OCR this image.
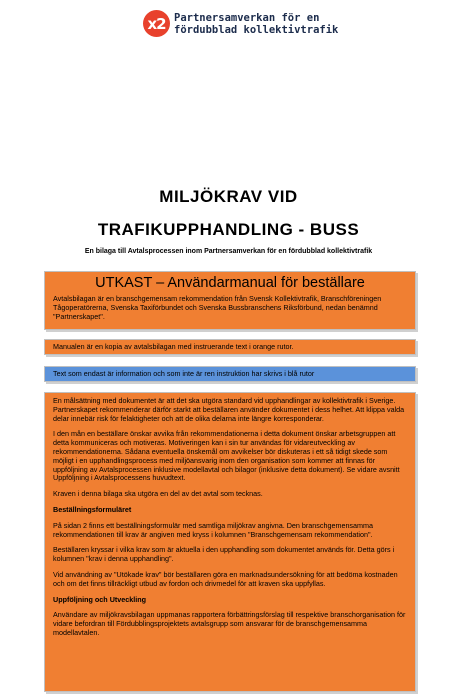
x2 Partnersamverkan för en
fördubblad kollektivtrafik
MILJÖKRAV VID
TRAFIKUPPHANDLING - BUSS
En bilaga till Avtalsprocessen inom Partnersamverkan för en fördubblad kollektivtrafik
UTKAST – Användarmanual för beställare
Avtalsbilagan är en branschgemensam rekommendation från Svensk Kollektivtrafik, Branschföreningen Tågoperatörerna, Svenska Taxiförbundet och Svenska Bussbranschens Riksförbund, nedan benämnd "Partnerskapet".
Manualen är en kopia av avtalsbilagan med instruerande text i orange rutor.
Text som endast är information och som inte är ren instruktion har skrivs i blå rutor

En målsättning med dokumentet är att det ska utgöra standard vid upphandlingar av kollektivtrafik i Sverige. Partnerskapet rekommenderar därför starkt att beställaren använder dokumentet i dess helhet. Att klippa valda delar innebär risk för felaktigheter och att de olika delarna inte längre korresponderar.

I den mån en beställare önskar avvika från rekommendationerna i detta dokument önskar arbetsgruppen att detta kommuniceras och motiveras. Motiveringen kan i sin tur användas för vidareutveckling av rekommendationerna. Sådana eventuella önskemål om avvikelser bör diskuteras i ett så tidigt skede som möjligt i en upphandlingsprocess med miljöansvarig inom den organisation som kommer att finnas för uppföljning av Avtalsprocessen inklusive modellavtal och bilagor (inklusive detta dokument). Se vidare avsnitt Uppföljning i Avtalsprocessens huvudtext.

Kraven i denna bilaga ska utgöra en del av det avtal som tecknas.

Beställningsformuläret

På sidan 2 finns ett beställningsformulär med samtliga miljökrav angivna. Den branschgemensamma rekommendationen till krav är angiven med kryss i kolumnen "Branschgemensam rekommendation".

Beställaren kryssar i vilka krav som är aktuella i den upphandling som dokumentet används för. Detta görs i kolumnen "krav i denna upphandling".

Vid användning av "Utökade krav" bör beställaren göra en marknadsundersökning för att bedöma kostnaden och om det finns tillräckligt utbud av fordon och drivmedel för att kraven ska uppfyllas.

Uppföljning och Utveckling

Användare av miljökravsbilagan uppmanas rapportera förbättringsförslag till respektive branschorganisation för vidare befordran till Fördubblingsprojektets avtalsgrupp som ansvarar för de branschgemensamma modellavtalen.
